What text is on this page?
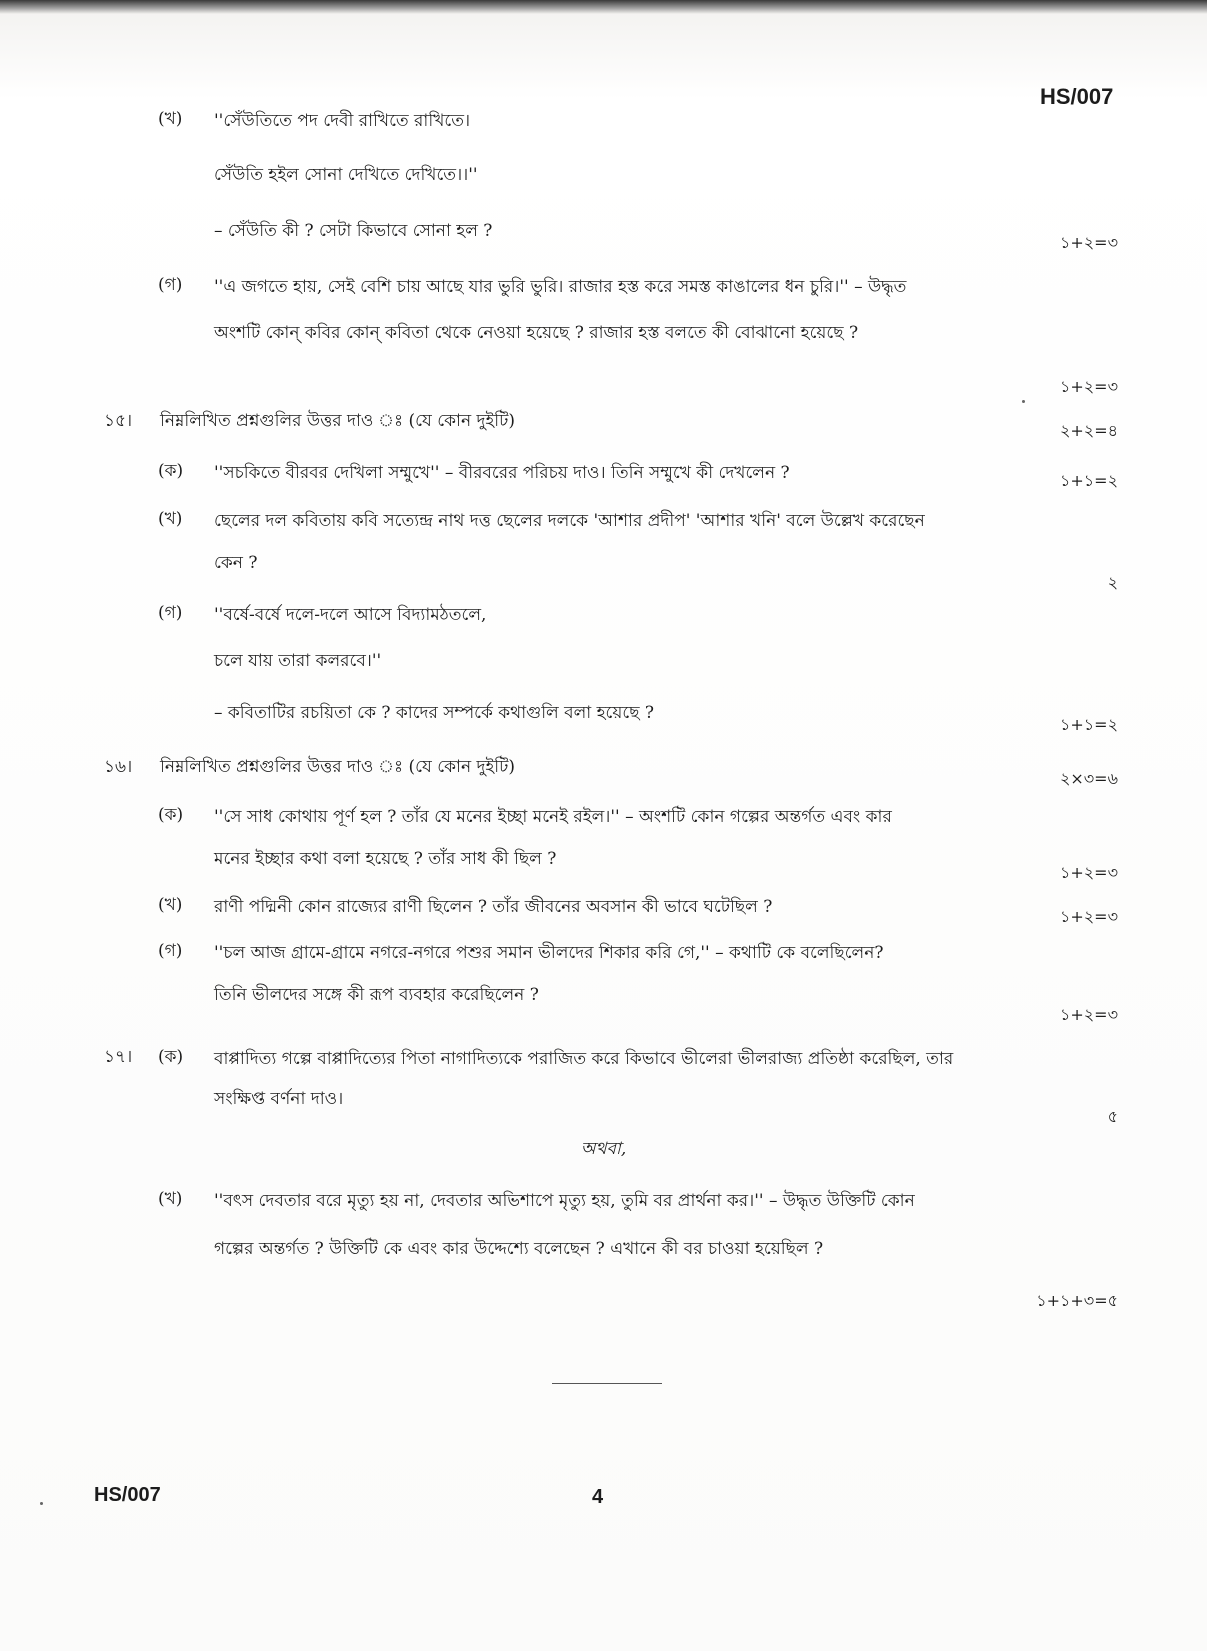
HS/007
(খ) ''সেঁউতিতে পদ দেবী রাখিতে রাখিতে।
সেঁউতি হইল সোনা দেখিতে দেখিতে।।''
– সেঁউতি কী ? সেটা কিভাবে সোনা হল ?
১+২=৩
(গ) ''এ জগতে হায়, সেই বেশি চায় আছে যার ভুরি ভুরি। রাজার হস্ত করে সমস্ত কাঙালের ধন চুরি।'' – উদ্ধৃত
অংশটি কোন্ কবির কোন্ কবিতা থেকে নেওয়া হয়েছে ? রাজার হস্ত বলতে কী বোঝানো হয়েছে ?
১+২=৩
১৫। নিম্নলিখিত প্রশ্নগুলির উত্তর দাও ঃ (যে কোন দুইটি)	২+২=৪
(ক) ''সচকিতে বীরবর দেখিলা সম্মুখে'' – বীরবরের পরিচয় দাও। তিনি সম্মুখে কী দেখলেন ?	১+১=২
(খ) ছেলের দল কবিতায় কবি সত্যেন্দ্র নাথ দত্ত ছেলের দলকে 'আশার প্রদীপ' 'আশার খনি' বলে উল্লেখ করেছেন
কেন ?
২
(গ) ''বর্ষে-বর্ষে দলে-দলে আসে বিদ্যামঠতলে,
চলে যায় তারা কলরবে।''
– কবিতাটির রচয়িতা কে ? কাদের সম্পর্কে কথাগুলি বলা হয়েছে ?
১+১=২
১৬। নিম্নলিখিত প্রশ্নগুলির উত্তর দাও ঃ (যে কোন দুইটি)
২×৩=৬
(ক) ''সে সাধ কোথায় পূর্ণ হল ? তাঁর যে মনের ইচ্ছা মনেই রইল।'' – অংশটি কোন গল্পের অন্তর্গত এবং কার
মনের ইচ্ছার কথা বলা হয়েছে ? তাঁর সাধ কী ছিল ?
১+২=৩
(খ) রাণী পদ্মিনী কোন রাজ্যের রাণী ছিলেন ? তাঁর জীবনের অবসান কী ভাবে ঘটেছিল ?	১+২=৩
(গ) ''চল আজ গ্রামে-গ্রামে নগরে-নগরে পশুর সমান ভীলদের শিকার করি গে,'' – কথাটি কে বলেছিলেন?
তিনি ভীলদের সঙ্গে কী রূপ ব্যবহার করেছিলেন ?
১+২=৩
১৭। (ক) বাপ্পাদিত্য গল্পে বাপ্পাদিত্যের পিতা নাগাদিত্যকে পরাজিত করে কিভাবে ভীলেরা ভীলরাজ্য প্রতিষ্ঠা করেছিল, তার
সংক্ষিপ্ত বর্ণনা দাও।
৫
অথবা,
(খ) ''বৎস দেবতার বরে মৃত্যু হয় না, দেবতার অভিশাপে মৃত্যু হয়, তুমি বর প্রার্থনা কর।'' – উদ্ধৃত উক্তিটি কোন
গল্পের অন্তর্গত ? উক্তিটি কে এবং কার উদ্দেশ্যে বলেছেন ? এখানে কী বর চাওয়া হয়েছিল ?
১+১+৩=৫
HS/007	4
